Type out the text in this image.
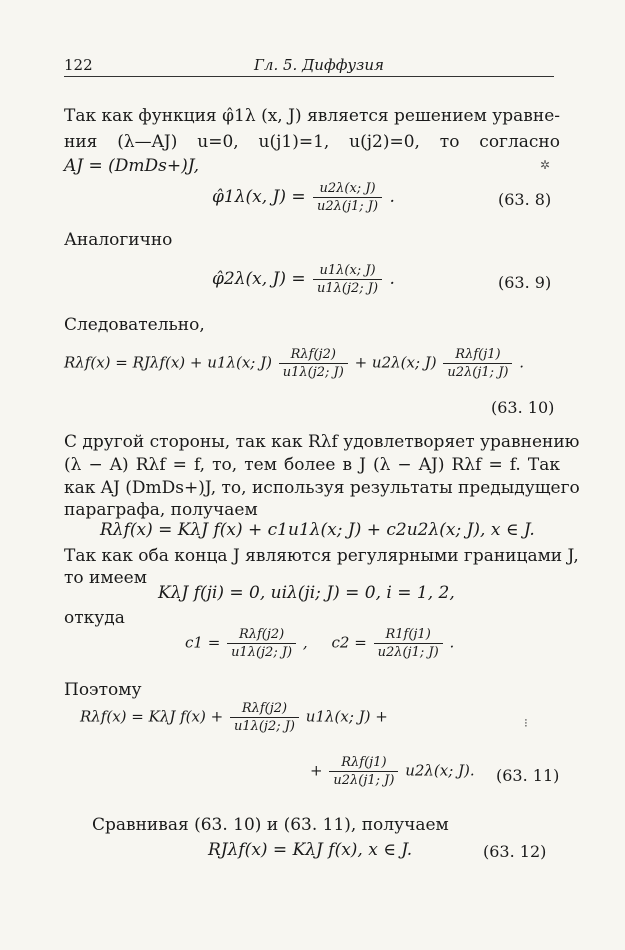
122	Гл. 5. Диффузия
Так как функция φ̂1λ (x, J) является решением уравне-
ния (λ—AJ) u=0, u(j1)=1, u(j2)=0, то согласно
AJ = (DmDs+)J,	✲
φ̂1λ(x, $J) = \frac{u2\lambda(x; J)}{u2\lambda(j1; J)}$ .	(63. 8)
Аналогично
φ̂2λ(x, $J) = \frac{u1\lambda(x; J)}{u1\lambda(j2; J)}$ .	(63. 9)
Следовательно,
Rλf(x) = RJλf(x) + u1λ(x; $J) \frac{\text{Rλf(j2)}}{u1\lambda(j2; J)} + u2\lambda(x$; $J) \frac{\text{Rλf(j1)}}{u2\lambda(j1; J)}$ .
(63. 10)
С другой стороны, так как Rλf удовлетворяет уравнению
(λ − A) Rλf = f, то, тем более в J (λ − AJ) Rλf = f. Так
как AJ (DmDs+)J, то, используя результаты предыдущего
параграфа, получаем
Rλf(x) = KλJ f(x) + c1u1λ(x; J) + c2u2λ(x; J), x ∈ J.
Так как оба конца J являются регулярными границами J,
то имеем
KλJ f(ji) = 0, uiλ(ji; J) = 0, i = 1, 2,
откуда
$c1 = \frac{\text{Rλf(j2)}}{u1\lambda(j2; J)}$ , $c2 = \frac{R1f(j1)}{u2\lambda(j1; J)}$ .
Поэтому
Rλf(x) = KλJ $f(x) + \frac{\text{Rλf(j2)}}{u1\lambda(j2; J)} u1\lambda(x$; J) +	⁝
+ $\frac{\text{Rλf(j1)}}{u2\lambda(j1; J)} u2\lambda(x$; J). (63. 11)
Сравнивая (63. 10) и (63. 11), получаем
RJλf(x) = KλJ f(x), x ∈ J.	(63. 12)
